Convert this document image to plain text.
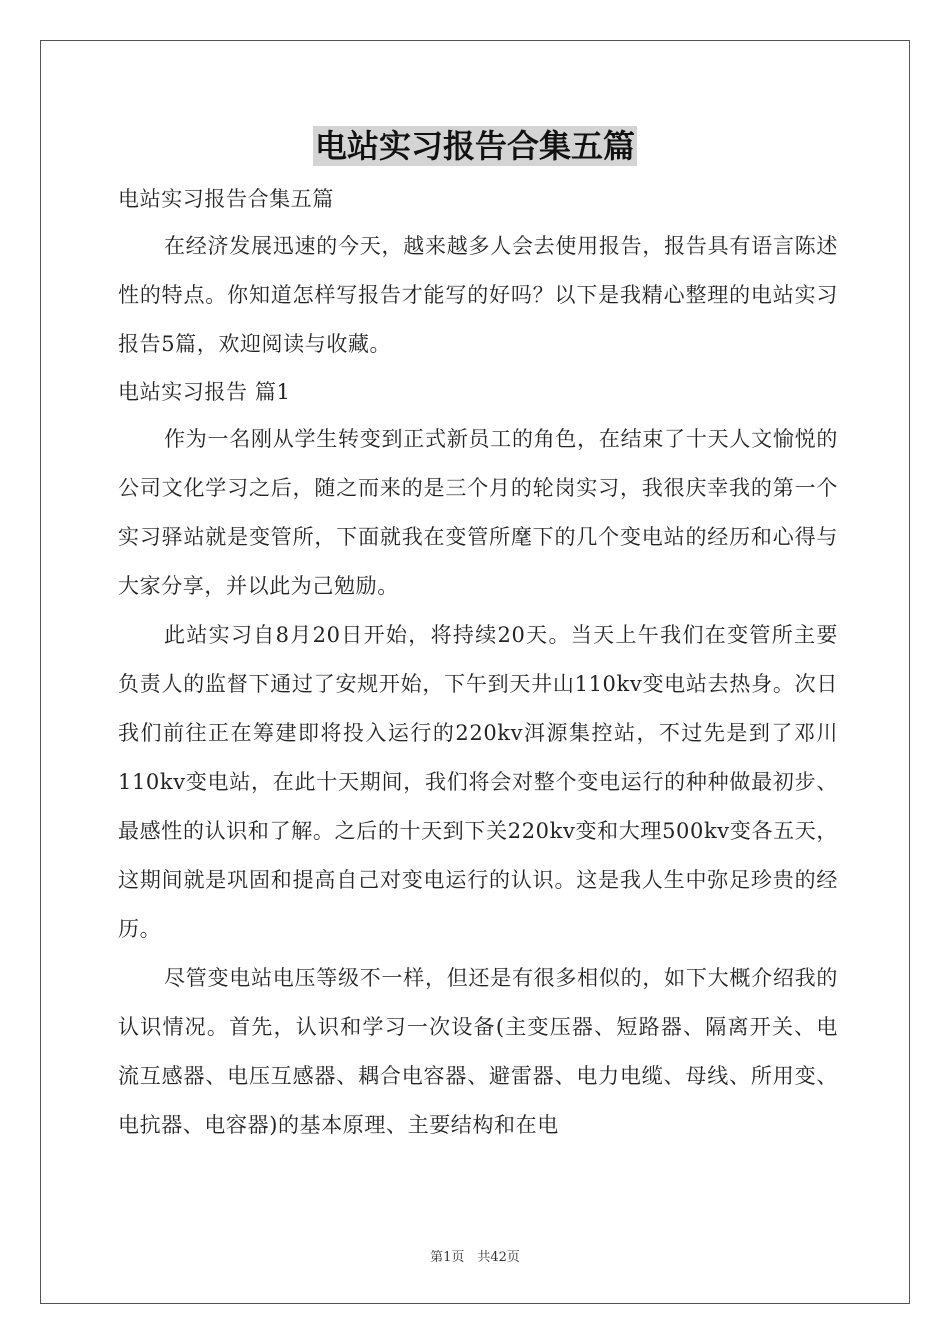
电站实习报告合集五篇

电站实习报告合集五篇

在经济发展迅速的今天，越来越多人会去使用报告，报告具有语言陈述性的特点。你知道怎样写报告才能写的好吗？以下是我精心整理的电站实习报告5篇，欢迎阅读与收藏。

电站实习报告 篇1

作为一名刚从学生转变到正式新员工的角色，在结束了十天人文愉悦的公司文化学习之后，随之而来的是三个月的轮岗实习，我很庆幸我的第一个实习驿站就是变管所，下面就我在变管所麾下的几个变电站的经历和心得与大家分享，并以此为己勉励。

此站实习自8月20日开始，将持续20天。当天上午我们在变管所主要负责人的监督下通过了安规开始，下午到天井山110kv变电站去热身。次日我们前往正在筹建即将投入运行的220kv洱源集控站，不过先是到了邓川110kv变电站，在此十天期间，我们将会对整个变电运行的种种做最初步、最感性的认识和了解。之后的十天到下关220kv变和大理500kv变各五天，这期间就是巩固和提高自己对变电运行的认识。这是我人生中弥足珍贵的经历。

尽管变电站电压等级不一样，但还是有很多相似的，如下大概介绍我的认识情况。首先，认识和学习一次设备(主变压器、短路器、隔离开关、电流互感器、电压互感器、耦合电容器、避雷器、电力电缆、母线、所用变、电抗器、电容器)的基本原理、主要结构和在电

第1页　共42页
